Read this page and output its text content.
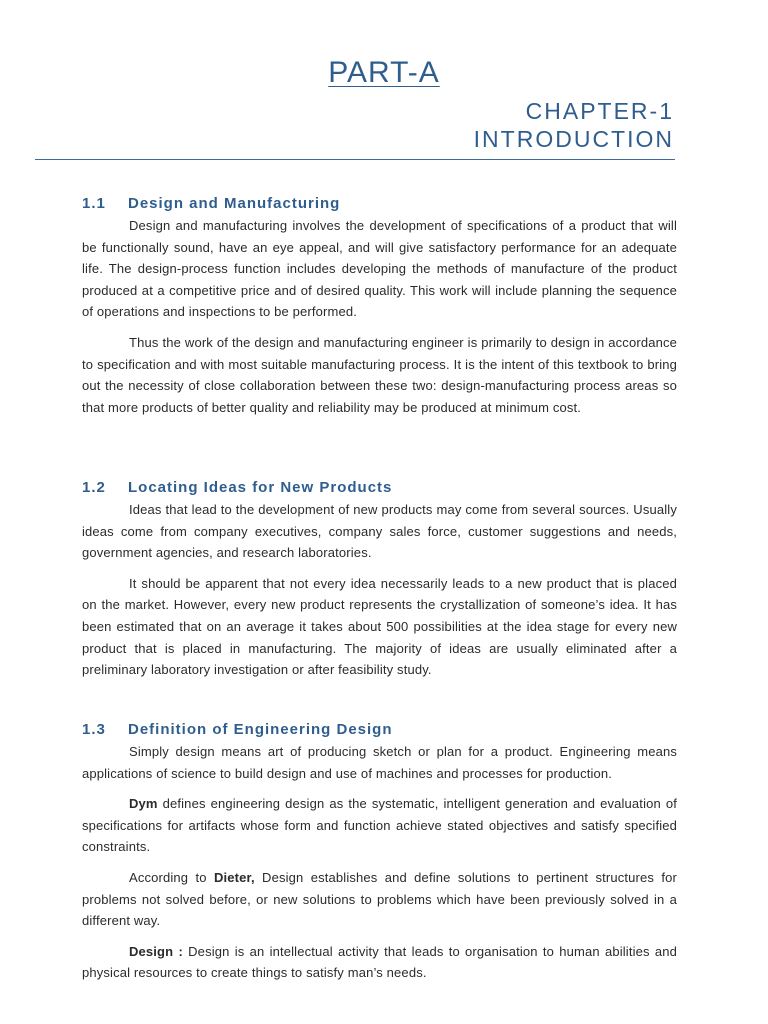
PART-A
CHAPTER-1
INTRODUCTION
1.1 Design and Manufacturing

Design and manufacturing involves the development of specifications of a product that will be functionally sound, have an eye appeal, and will give satisfactory performance for an adequate life. The design-process function includes developing the methods of manufacture of the product produced at a competitive price and of desired quality. This work will include planning the sequence of operations and inspections to be performed.

Thus the work of the design and manufacturing engineer is primarily to design in accordance to specification and with most suitable manufacturing process. It is the intent of this textbook to bring out the necessity of close collaboration between these two: design-manufacturing process areas so that more products of better quality and reliability may be produced at minimum cost.

1.2 Locating Ideas for New Products

Ideas that lead to the development of new products may come from several sources. Usually ideas come from company executives, company sales force, customer suggestions and needs, government agencies, and research laboratories.

It should be apparent that not every idea necessarily leads to a new product that is placed on the market. However, every new product represents the crystallization of someone’s idea. It has been estimated that on an average it takes about 500 possibilities at the idea stage for every new product that is placed in manufacturing. The majority of ideas are usually eliminated after a preliminary laboratory investigation or after feasibility study.

1.3 Definition of Engineering Design

Simply design means art of producing sketch or plan for a product. Engineering means applications of science to build design and use of machines and processes for production.

Dym defines engineering design as the systematic, intelligent generation and evaluation of specifications for artifacts whose form and function achieve stated objectives and satisfy specified constraints.

According to Dieter, Design establishes and define solutions to pertinent structures for problems not solved before, or new solutions to problems which have been previously solved in a different way.

Design : Design is an intellectual activity that leads to organisation to human abilities and physical resources to create things to satisfy man’s needs.
